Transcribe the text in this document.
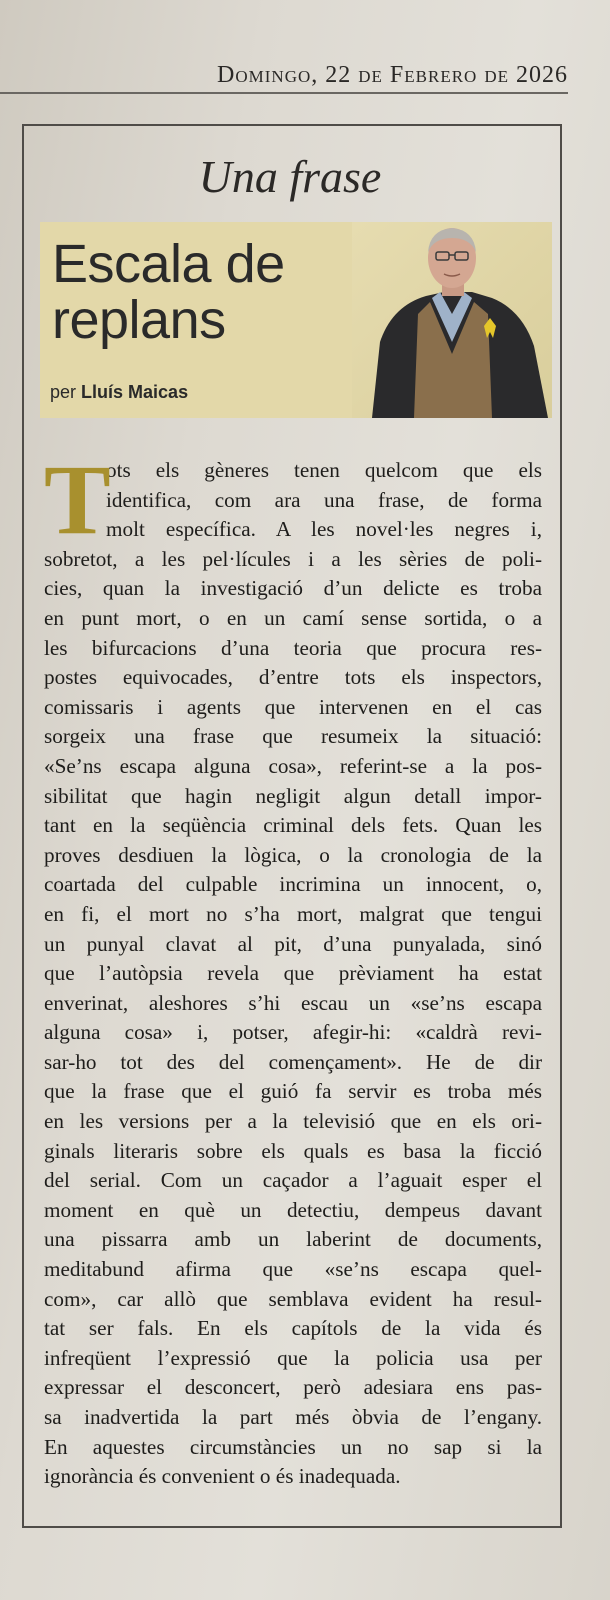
Domingo, 22 de Febrero de 2026
Una frase
Escala de
replans
per Lluís Maicas
T
ots els gèneres tenen quelcom que els
identifica, com ara una frase, de forma
molt específica. A les novel·les negres i,
sobretot, a les pel·lícules i a les sèries de poli-
cies, quan la investigació d’un delicte es troba
en punt mort, o en un camí sense sortida, o a
les bifurcacions d’una teoria que procura res-
postes equivocades, d’entre tots els inspectors,
comissaris i agents que intervenen en el cas
sorgeix una frase que resumeix la situació:
«Se’ns escapa alguna cosa», referint-se a la pos-
sibilitat que hagin negligit algun detall impor-
tant en la seqüència criminal dels fets. Quan les
proves desdiuen la lògica, o la cronologia de la
coartada del culpable incrimina un innocent, o,
en fi, el mort no s’ha mort, malgrat que tengui
un punyal clavat al pit, d’una punyalada, sinó
que l’autòpsia revela que prèviament ha estat
enverinat, aleshores s’hi escau un «se’ns escapa
alguna cosa» i, potser, afegir-hi: «caldrà revi-
sar-ho tot des del començament». He de dir
que la frase que el guió fa servir es troba més
en les versions per a la televisió que en els ori-
ginals literaris sobre els quals es basa la ficció
del serial. Com un caçador a l’aguait esper el
moment en què un detectiu, dempeus davant
una pissarra amb un laberint de documents,
meditabund afirma que «se’ns escapa quel-
com», car allò que semblava evident ha resul-
tat ser fals. En els capítols de la vida és
infreqüent l’expressió que la policia usa per
expressar el desconcert, però adesiara ens pas-
sa inadvertida la part més òbvia de l’engany.
En aquestes circumstàncies un no sap si la
ignorància és convenient o és inadequada.
